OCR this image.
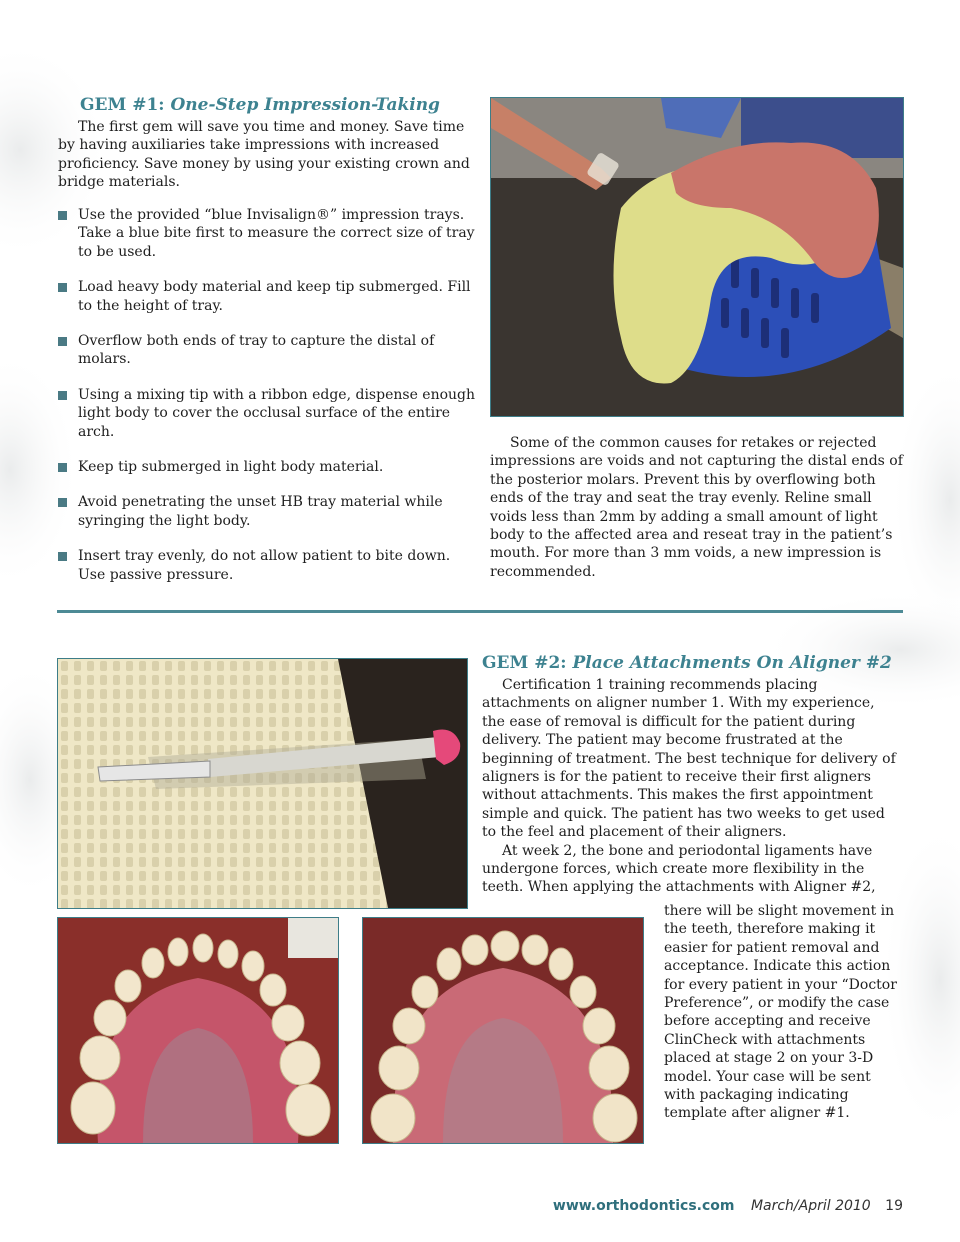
GEM #1: One-Step Impression-Taking

The first gem will save you time and money. Save time by having auxiliaries take impressions with increased proficiency. Save money by using your existing crown and bridge materials.

Use the provided “blue Invisalign®” impression trays. Take a blue bite first to measure the correct size of tray to be used.
Load heavy body material and keep tip submerged. Fill to the height of tray.
Overflow both ends of tray to capture the distal of molars.
Using a mixing tip with a ribbon edge, dispense enough light body to cover the occlusal surface of the entire arch.
Keep tip submerged in light body material.
Avoid penetrating the unset HB tray material while syringing the light body.
Insert tray evenly, do not allow patient to bite down. Use passive pressure.

Some of the common causes for retakes or rejected impressions are voids and not capturing the distal ends of the posterior molars. Prevent this by overflowing both ends of the tray and seat the tray evenly. Reline small voids less than 2mm by adding a small amount of light body to the affected area and reseat tray in the patient’s mouth. For more than 3 mm voids, a new impression is recommended.

GEM #2: Place Attachments On Aligner #2

Certification 1 training recommends placing attachments on aligner number 1. With my experience, the ease of removal is difficult for the patient during delivery. The patient may become frustrated at the beginning of treatment. The best technique for delivery of aligners is for the patient to receive their first aligners without attachments. This makes the first appointment simple and quick. The patient has two weeks to get used to the feel and placement of their aligners.

At week 2, the bone and periodontal ligaments have undergone forces, which create more flexibility in the teeth. When applying the attachments with Aligner #2,

there will be slight movement in the teeth, therefore making it easier for patient removal and acceptance. Indicate this action for every patient in your “Doctor Preference”, or modify the case before accepting and receive ClinCheck with attachments placed at stage 2 on your 3-D model. Your case will be sent with packaging indicating template after aligner #1.

www.orthodontics.com March/April 2010 19
